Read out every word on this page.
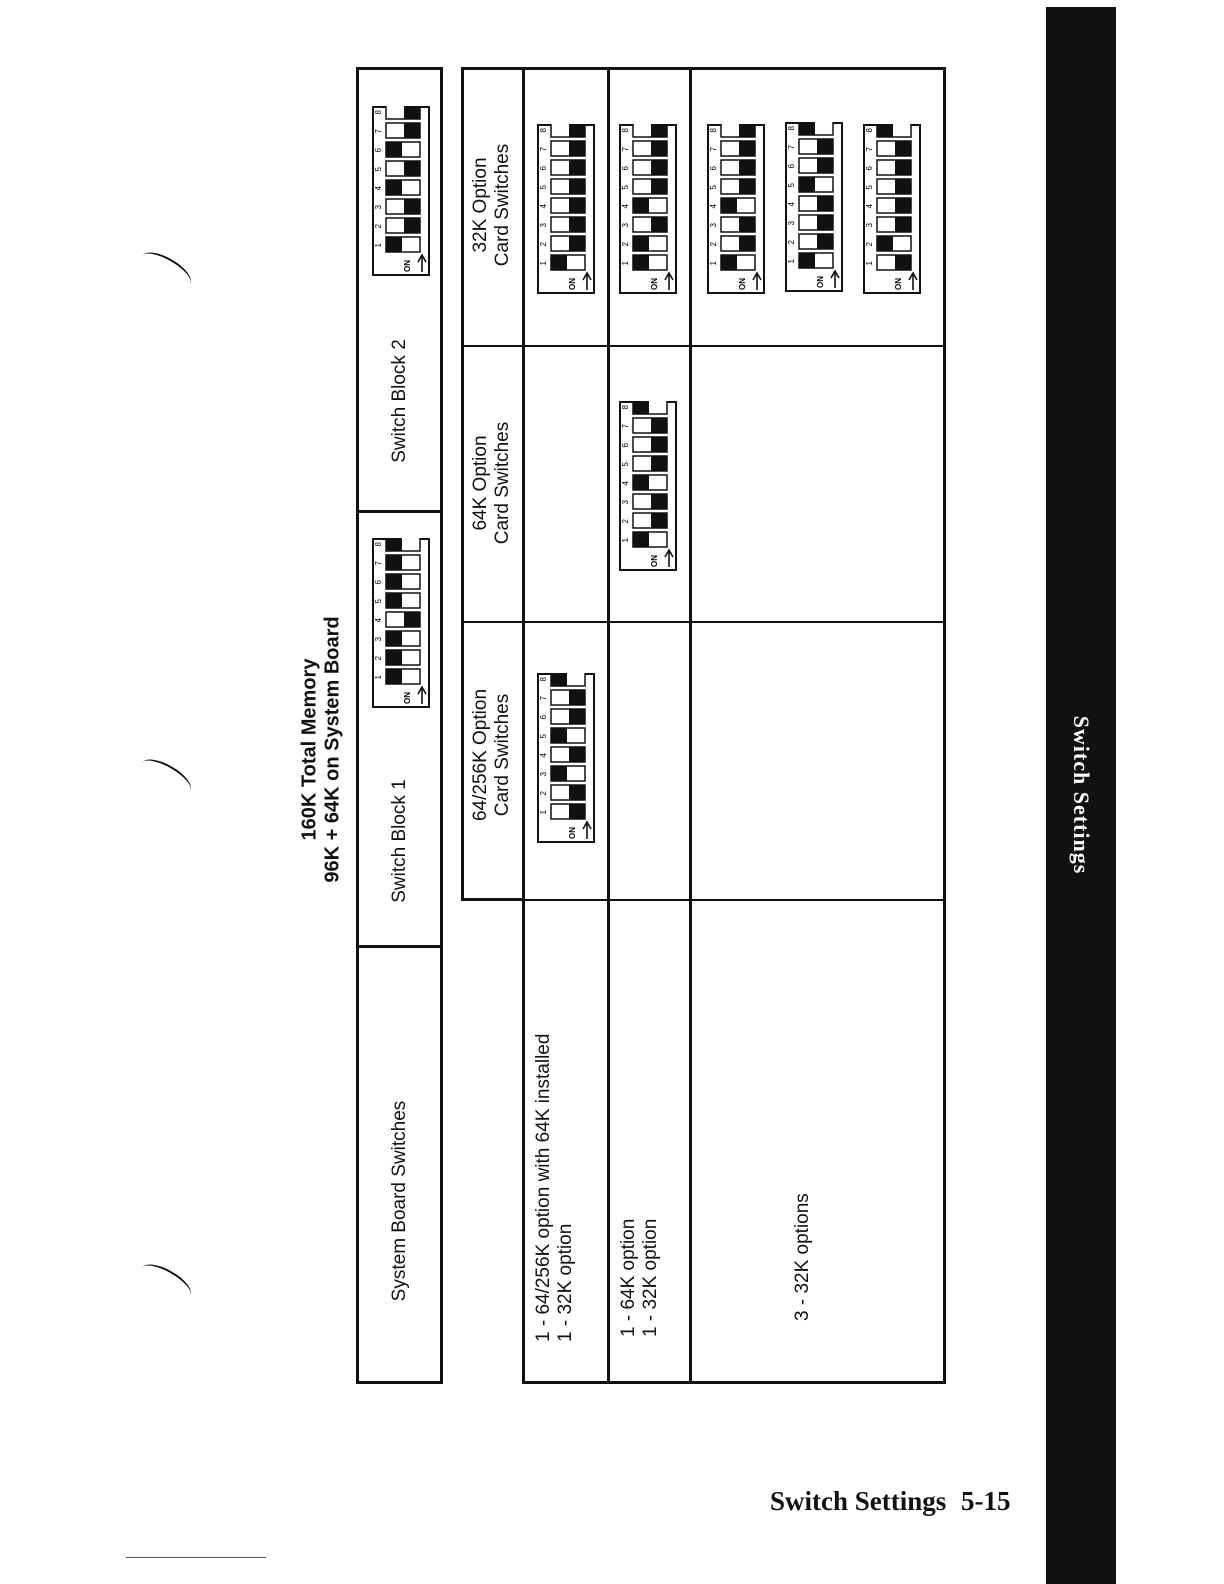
Switch Settings
160K Total Memory 96K + 64K on System Board
System Board Switches
Switch Block 1
Switch Block 2
ON
1
2
3
4
5
6
7
8
ON
1
2
3
4
5
6
7
8
64/256K Option
Card Switches
64K Option
Card Switches
32K Option
Card Switches
1 - 64/256K option with 64K installed
1 - 32K option
1 - 64K option
1 - 32K option	3 - 32K options
ON
1
2
3
4
5
6
7
8
ON
1
2
3
4
5
6
7
8
ON
1
2
3
4
5
6
7
8
ON
1
2
3
4
5
6
7
8
ON
1
2
3
4
5
6
7
8
ON
1
2
3
4
5
6
7
8
ON
1
2
3
4
5
6
7
8
Switch Settings 5-15
